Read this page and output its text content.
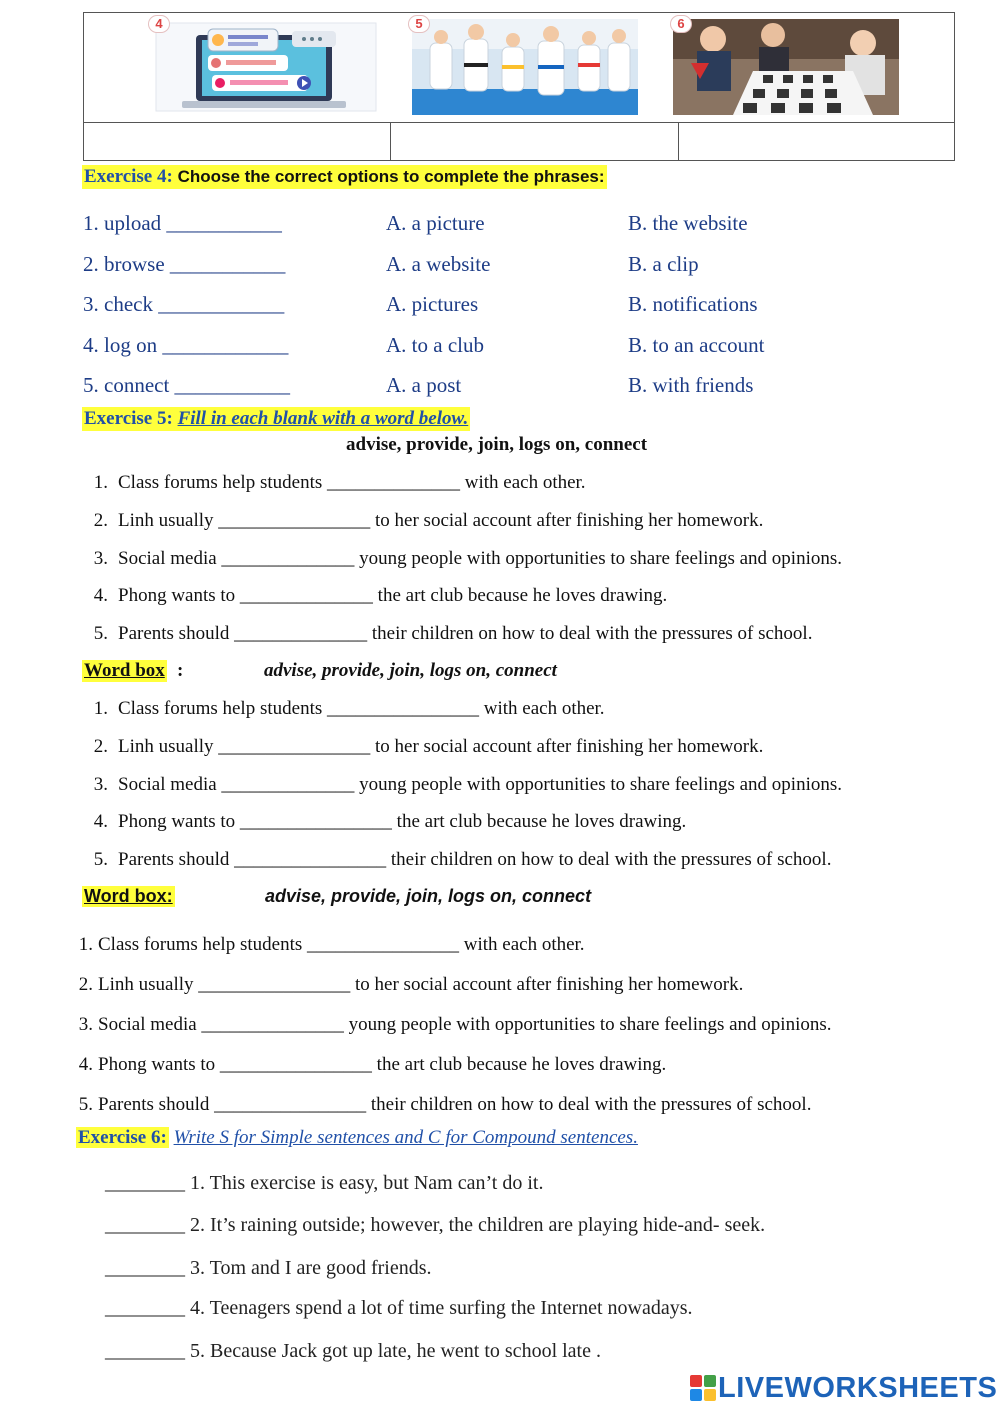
4	5	6
Exercise 4: Choose the correct options to complete the phrases:
1. upload ___________	A. a picture	B. the website
2. browse ___________	A. a website	B. a clip
3. check ____________	A. pictures	B. notifications
4. log on ____________	A. to a club	B. to an account
5. connect ___________	A. a post	B. with friends
Exercise 5: Fill in each blank with a word below.
advise, provide, join, logs on, connect
1. Class forums help students ______________ with each other.
2. Linh usually ________________ to her social account after finishing her homework.
3. Social media ______________ young people with opportunities to share feelings and opinions.
4. Phong wants to ______________ the art club because he loves drawing.
5. Parents should ______________ their children on how to deal with the pressures of school.
Word box :	advise, provide, join, logs on, connect
1. Class forums help students ________________ with each other.
2. Linh usually ________________ to her social account after finishing her homework.
3. Social media ______________ young people with opportunities to share feelings and opinions.
4. Phong wants to ________________ the art club because he loves drawing.
5. Parents should ________________ their children on how to deal with the pressures of school.
Word box:	advise, provide, join, logs on, connect
1. Class forums help students ________________ with each other.
2. Linh usually ________________ to her social account after finishing her homework.
3. Social media _______________ young people with opportunities to share feelings and opinions.
4. Phong wants to ________________ the art club because he loves drawing.
5. Parents should ________________ their children on how to deal with the pressures of school.
Exercise 6: Write S for Simple sentences and C for Compound sentences.
________ 1. This exercise is easy, but Nam can’t do it.
________ 2. It’s raining outside; however, the children are playing hide-and- seek.
________ 3. Tom and I are good friends.
________ 4. Teenagers spend a lot of time surfing the Internet nowadays.
________ 5. Because Jack got up late, he went to school late .
LIVEWORKSHEETS
